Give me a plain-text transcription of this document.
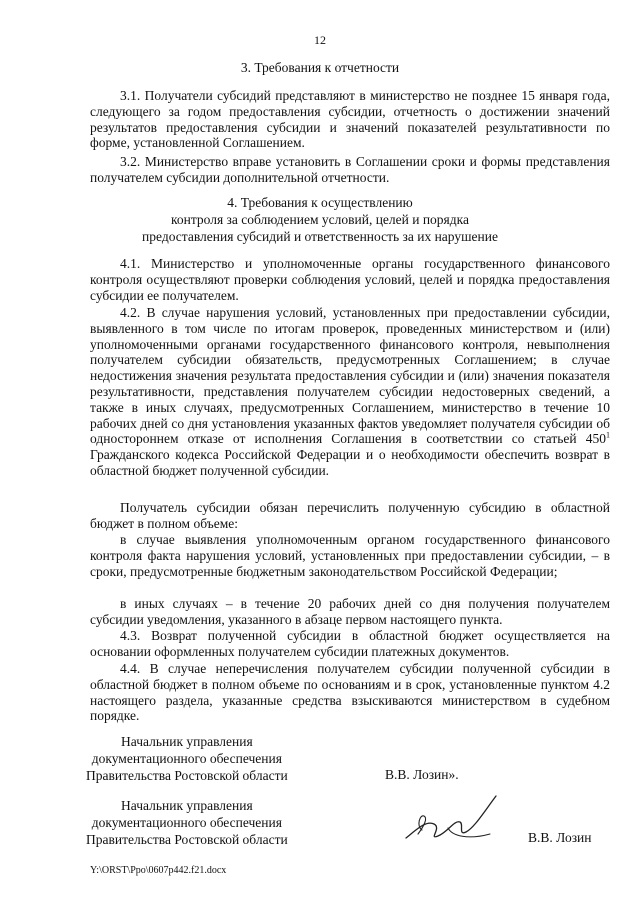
12
3. Требования к отчетности

3.1. Получатели субсидий представляют в министерство не позднее 15 января года, следующего за годом предоставления субсидии, отчетность о достижении значений результатов предоставления субсидии и значений показателей результативности по форме, установленной Соглашением.

3.2. Министерство вправе установить в Соглашении сроки и формы представления получателем субсидии дополнительной отчетности.

4. Требования к осуществлению
контроля за соблюдением условий, целей и порядка
предоставления субсидий и ответственность за их нарушение

4.1. Министерство и уполномоченные органы государственного финансового контроля осуществляют проверки соблюдения условий, целей и порядка предоставления субсидии ее получателем.

4.2. В случае нарушения условий, установленных при предоставлении субсидии, выявленного в том числе по итогам проверок, проведенных министерством и (или) уполномоченными органами государственного финансового контроля, невыполнения получателем субсидии обязательств, предусмотренных Соглашением; в случае недостижения значения результата предоставления субсидии и (или) значения показателя результативности, представления получателем субсидии недостоверных сведений, а также в иных случаях, предусмотренных Соглашением, министерство в течение 10 рабочих дней со дня установления указанных фактов уведомляет получателя субсидии об одностороннем отказе от исполнения Соглашения в соответствии со статьей $450^1$ Гражданского кодекса Российской Федерации и о необходимости обеспечить возврат в областной бюджет полученной субсидии.

Получатель субсидии обязан перечислить полученную субсидию в областной бюджет в полном объеме:

в случае выявления уполномоченным органом государственного финансового контроля факта нарушения условий, установленных при предоставлении субсидии, – в сроки, предусмотренные бюджетным законодательством Российской Федерации;

в иных случаях – в течение 20 рабочих дней со дня получения получателем субсидии уведомления, указанного в абзаце первом настоящего пункта.

4.3. Возврат полученной субсидии в областной бюджет осуществляется на основании оформленных получателем субсидии платежных документов.

4.4. В случае неперечисления получателем субсидии полученной субсидии в областной бюджет в полном объеме по основаниям и в срок, установленные пунктом 4.2 настоящего раздела, указанные средства взыскиваются министерством в судебном порядке.

Начальник управления
документационного обеспечения
Правительства Ростовской области	В.В. Лозин».
Начальник управления
документационного обеспечения
Правительства Ростовской области	В.В. Лозин
Y:\ORST\Ppo\0607p442.f21.docx
